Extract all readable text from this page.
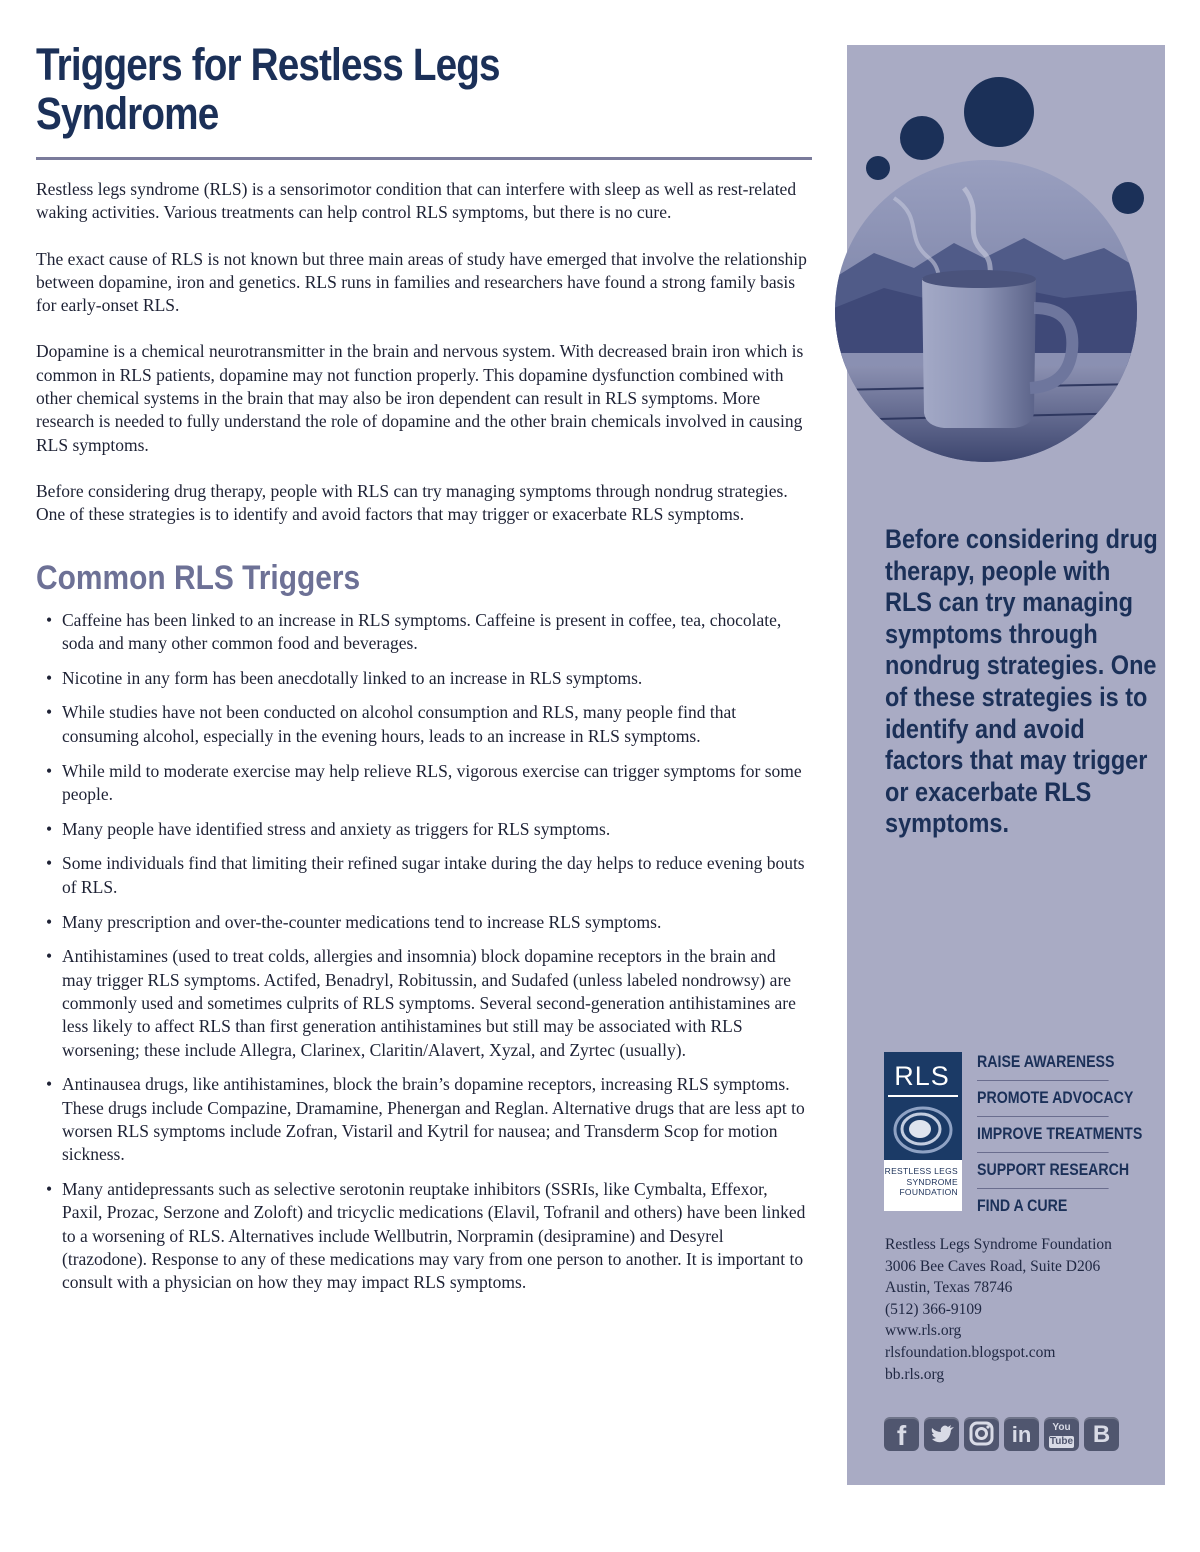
Triggers for Restless Legs Syndrome

Restless legs syndrome (RLS) is a sensorimotor condition that can interfere with sleep as well as rest-related waking activities. Various treatments can help control RLS symptoms, but there is no cure.

The exact cause of RLS is not known but three main areas of study have emerged that involve the relationship between dopamine, iron and genetics. RLS runs in families and researchers have found a strong family basis for early-onset RLS.

Dopamine is a chemical neurotransmitter in the brain and nervous system. With decreased brain iron which is common in RLS patients, dopamine may not function properly. This dopamine dysfunction combined with other chemical systems in the brain that may also be iron dependent can result in RLS symptoms. More research is needed to fully understand the role of dopamine and the other brain chemicals involved in causing RLS symptoms.

Before considering drug therapy, people with RLS can try managing symptoms through nondrug strategies. One of these strategies is to identify and avoid factors that may trigger or exacerbate RLS symptoms.

Common RLS Triggers
• Caffeine has been linked to an increase in RLS symptoms. Caffeine is present in coffee, tea, chocolate, soda and many other common food and beverages.
• Nicotine in any form has been anecdotally linked to an increase in RLS symptoms.
• While studies have not been conducted on alcohol consumption and RLS, many people find that consuming alcohol, especially in the evening hours, leads to an increase in RLS symptoms.
• While mild to moderate exercise may help relieve RLS, vigorous exercise can trigger symptoms for some people.
• Many people have identified stress and anxiety as triggers for RLS symptoms.
• Some individuals find that limiting their refined sugar intake during the day helps to reduce evening bouts of RLS.
• Many prescription and over-the-counter medications tend to increase RLS symptoms.
• Antihistamines (used to treat colds, allergies and insomnia) block dopamine receptors in the brain and may trigger RLS symptoms. Actifed, Benadryl, Robitussin, and Sudafed (unless labeled nondrowsy) are commonly used and sometimes culprits of RLS symptoms. Several second-generation antihistamines are less likely to affect RLS than first generation antihistamines but still may be associated with RLS worsening; these include Allegra, Clarinex, Claritin/Alavert, Xyzal, and Zyrtec (usually).
• Antinausea drugs, like antihistamines, block the brain’s dopamine receptors, increasing RLS symptoms. These drugs include Compazine, Dramamine, Phenergan and Reglan. Alternative drugs that are less apt to worsen RLS symptoms include Zofran, Vistaril and Kytril for nausea; and Transderm Scop for motion sickness.
• Many antidepressants such as selective serotonin reuptake inhibitors (SSRIs, like Cymbalta, Effexor, Paxil, Prozac, Serzone and Zoloft) and tricyclic medications (Elavil, Tofranil and others) have been linked to a worsening of RLS. Alternatives include Wellbutrin, Norpramin (desipramine) and Desyrel (trazodone). Response to any of these medications may vary from one person to another. It is important to consult with a physician on how they may impact RLS symptoms.

Before considering drug therapy, people with RLS can try managing symptoms through nondrug strategies. One of these strategies is to identify and avoid factors that may trigger or exacerbate RLS symptoms.

RLS
RESTLESS LEGS
SYNDROME
FOUNDATION
RAISE AWARENESS
PROMOTE ADVOCACY
IMPROVE TREATMENTS
SUPPORT RESEARCH
FIND A CURE
Restless Legs Syndrome Foundation
3006 Bee Caves Road, Suite D206
Austin, Texas 78746
(512) 366-9109
www.rls.org
rlsfoundation.blogspot.com
bb.rls.org
f	in	You
Tube B
